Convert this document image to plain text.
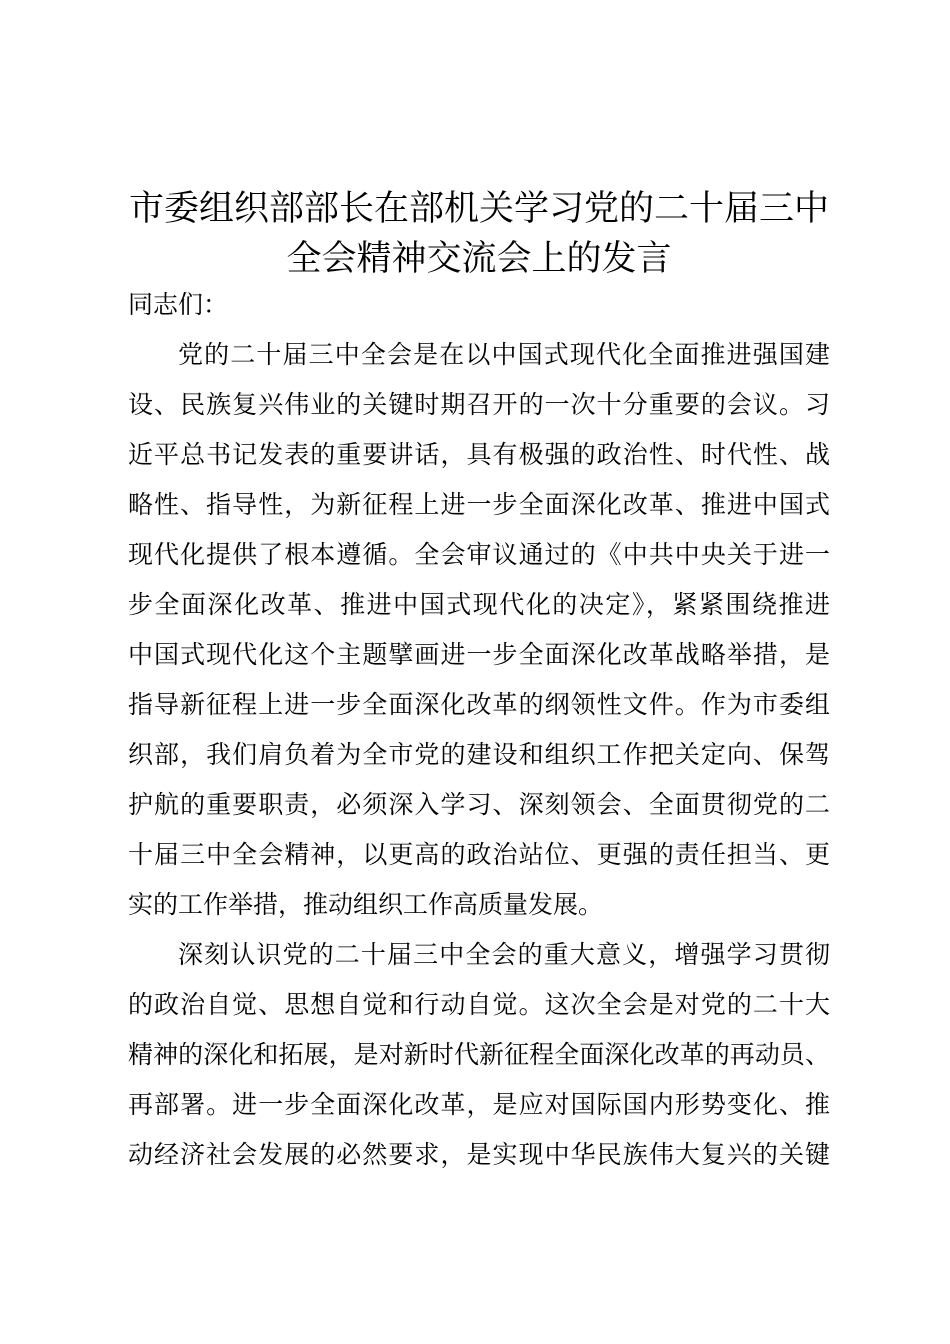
市委组织部部长在部机关学习党的二十届三中
全会精神交流会上的发言
同志们：
党的二十届三中全会是在以中国式现代化全面推进强国建
设、民族复兴伟业的关键时期召开的一次十分重要的会议。习
近平总书记发表的重要讲话，具有极强的政治性、时代性、战
略性、指导性，为新征程上进一步全面深化改革、推进中国式
现代化提供了根本遵循。全会审议通过的《中共中央关于进一
步全面深化改革、推进中国式现代化的决定》，紧紧围绕推进
中国式现代化这个主题擘画进一步全面深化改革战略举措，是
指导新征程上进一步全面深化改革的纲领性文件。作为市委组
织部，我们肩负着为全市党的建设和组织工作把关定向、保驾
护航的重要职责，必须深入学习、深刻领会、全面贯彻党的二
十届三中全会精神，以更高的政治站位、更强的责任担当、更
实的工作举措，推动组织工作高质量发展。
深刻认识党的二十届三中全会的重大意义，增强学习贯彻
的政治自觉、思想自觉和行动自觉。这次全会是对党的二十大
精神的深化和拓展，是对新时代新征程全面深化改革的再动员、
再部署。进一步全面深化改革，是应对国际国内形势变化、推
动经济社会发展的必然要求，是实现中华民族伟大复兴的关键
